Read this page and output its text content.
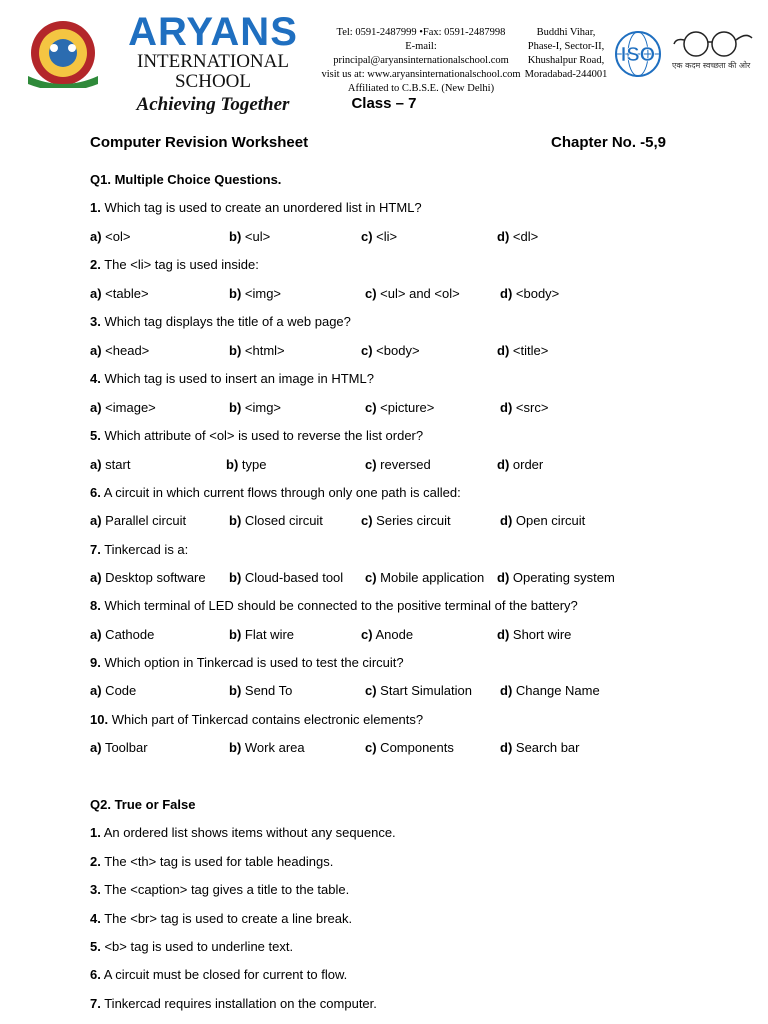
ARYANS
INTERNATIONAL SCHOOL
Achieving Together
Tel: 0591-2487999 •Fax: 0591-2487998
E-mail: principal@aryansinternationalschool.com
visit us at: www.aryansinternationalschool.com
Affiliated to C.B.S.E. (New Delhi)
Buddhi Vihar,
Phase-I, Sector-II,
Khushalpur Road,
Moradabad-244001
ISO एक कदम स्वच्छता की ओर
Class – 7
Computer Revision Worksheet	Chapter No. -5,9
Q1. Multiple Choice Questions.
1. Which tag is used to create an unordered list in HTML?
a) <ol>	b) <ul>	c) <li>	d) <dl>
2. The <li> tag is used inside:
a) <table>	b) <img>	c) <ul> and <ol>	d) <body>
3. Which tag displays the title of a web page?
a) <head>	b) <html>	c) <body>	d) <title>
4. Which tag is used to insert an image in HTML?
a) <image>	b) <img>	c) <picture>	d) <src>
5. Which attribute of <ol> is used to reverse the list order?
a) start	b) type	c) reversed	d) order
6. A circuit in which current flows through only one path is called:
a) Parallel circuit	b) Closed circuit	c) Series circuit	d) Open circuit
7. Tinkercad is a:
a) Desktop software b) Cloud-based tool c) Mobile application d) Operating system
8. Which terminal of LED should be connected to the positive terminal of the battery?
a) Cathode	b) Flat wire	c) Anode	d) Short wire
9. Which option in Tinkercad is used to test the circuit?
a) Code	b) Send To	c) Start Simulation d) Change Name
10. Which part of Tinkercad contains electronic elements?
a) Toolbar	b) Work area	c) Components	d) Search bar
Q2. True or False
1. An ordered list shows items without any sequence.
2. The <th> tag is used for table headings.
3. The <caption> tag gives a title to the table.
4. The <br> tag is used to create a line break.
5. <b> tag is used to underline text.
6. A circuit must be closed for current to flow.
7. Tinkercad requires installation on the computer.
